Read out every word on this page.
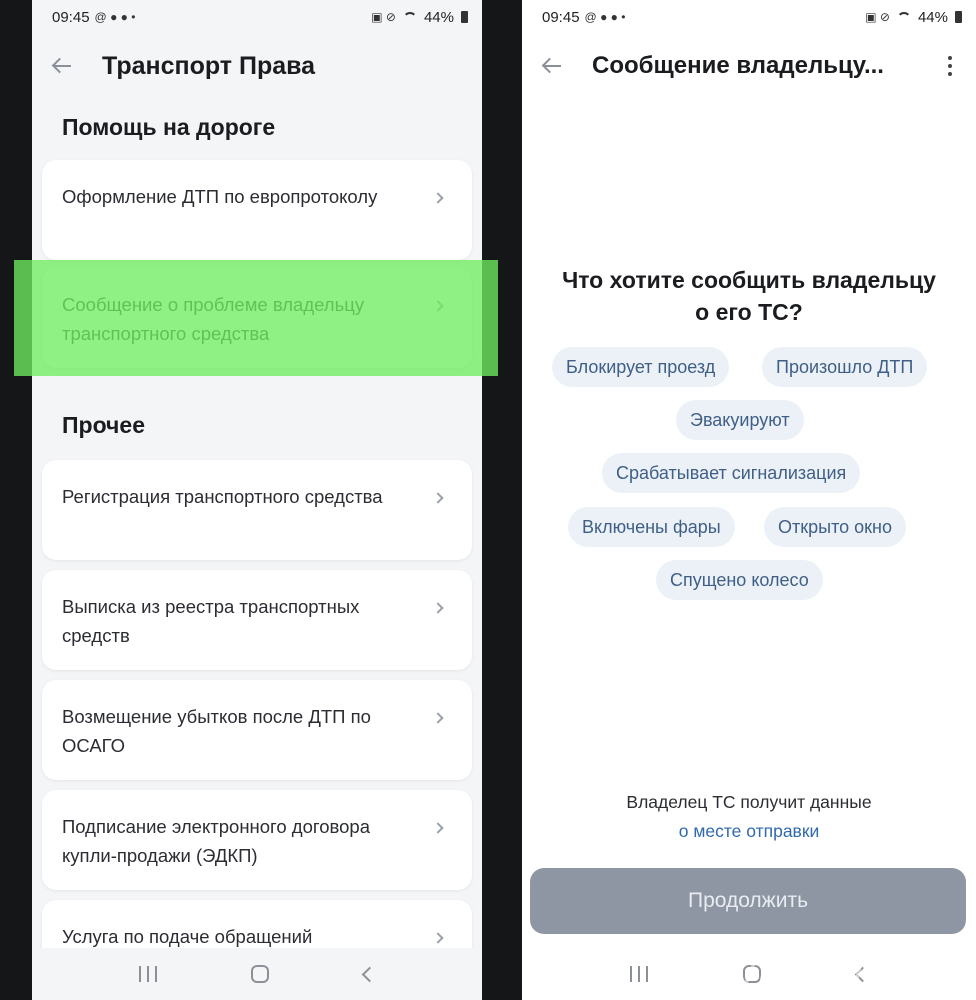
09:45 @ ● ● •	▣ ⊘ 44%
Транспорт Права
Помощь на дороге
Оформление ДТП по европротоколу
Прочее
Регистрация транспортного средства
Выписка из реестра транспортных средств
Возмещение убытков после ДТП по ОСАГО
Подписание электронного договора купли-продажи (ЭДКП)
Услуга по подаче обращений
09:45 @ ● ● •	▣ ⊘ 44%
Сообщение владельцу...
Что хотите сообщить владельцу
о его ТС?
Блокирует проезд	Произошло ДТП
Эвакуируют
Срабатывает сигнализация
Включены фары	Открыто окно
Спущено колесо
Владелец ТС получит данные
о месте отправки
Продолжить
myanswer.ru
